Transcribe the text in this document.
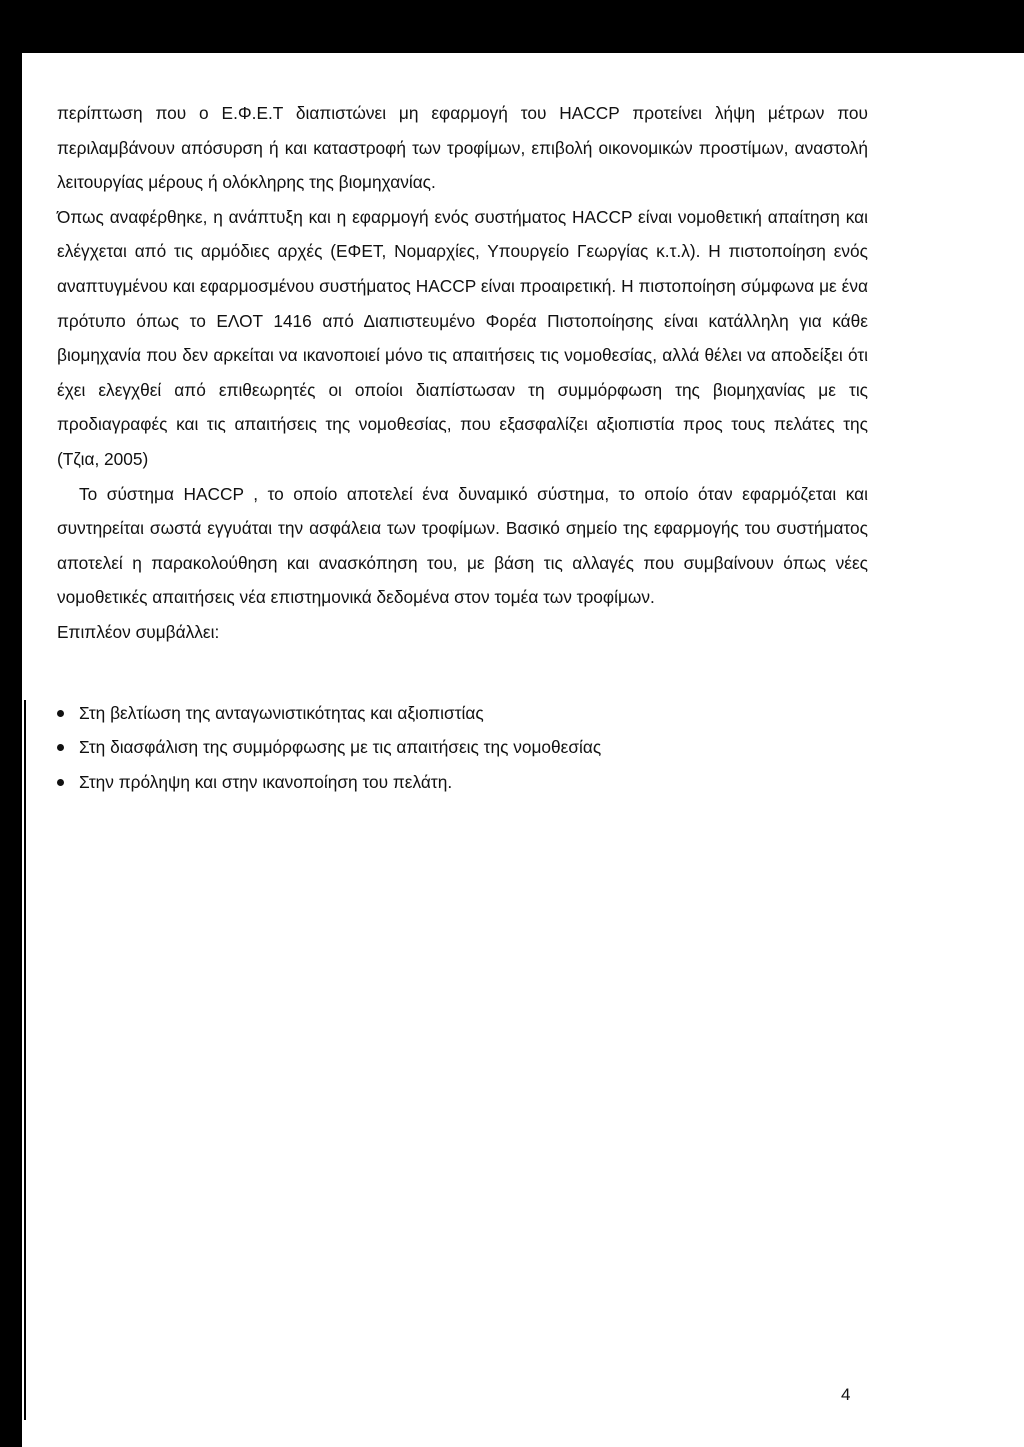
περίπτωση που ο Ε.Φ.Ε.Τ διαπιστώνει μη εφαρμογή του HACCP προτείνει λήψη μέτρων που περιλαμβάνουν απόσυρση ή και καταστροφή των τροφίμων, επιβολή οικονομικών προστίμων, αναστολή λειτουργίας μέρους ή ολόκληρης της βιομηχανίας.

Όπως αναφέρθηκε, η ανάπτυξη και η εφαρμογή ενός συστήματος HACCP είναι νομοθετική απαίτηση και ελέγχεται από τις αρμόδιες αρχές (ΕΦΕΤ, Νομαρχίες, Υπουργείο Γεωργίας κ.τ.λ). Η πιστοποίηση ενός αναπτυγμένου και εφαρμοσμένου συστήματος HACCP είναι προαιρετική. Η πιστοποίηση σύμφωνα με ένα πρότυπο όπως το ΕΛΟΤ 1416 από Διαπιστευμένο Φορέα Πιστοποίησης είναι κατάλληλη για κάθε βιομηχανία που δεν αρκείται να ικανοποιεί μόνο τις απαιτήσεις τις νομοθεσίας, αλλά θέλει να αποδείξει ότι έχει ελεγχθεί από επιθεωρητές οι οποίοι διαπίστωσαν τη συμμόρφωση της βιομηχανίας με τις προδιαγραφές και τις απαιτήσεις της νομοθεσίας, που εξασφαλίζει αξιοπιστία προς τους πελάτες της (Τζια, 2005)

Το σύστημα HACCP , το οποίο αποτελεί ένα δυναμικό σύστημα, το οποίο όταν εφαρμόζεται και συντηρείται σωστά εγγυάται την ασφάλεια των τροφίμων. Βασικό σημείο της εφαρμογής του συστήματος αποτελεί η παρακολούθηση και ανασκόπηση του, με βάση τις αλλαγές που συμβαίνουν όπως νέες νομοθετικές απαιτήσεις νέα επιστημονικά δεδομένα στον τομέα των τροφίμων.

Επιπλέον συμβάλλει:

Στη βελτίωση της ανταγωνιστικότητας και αξιοπιστίας
Στη διασφάλιση της συμμόρφωσης με τις απαιτήσεις της νομοθεσίας
Στην πρόληψη και στην ικανοποίηση του πελάτη.
4
